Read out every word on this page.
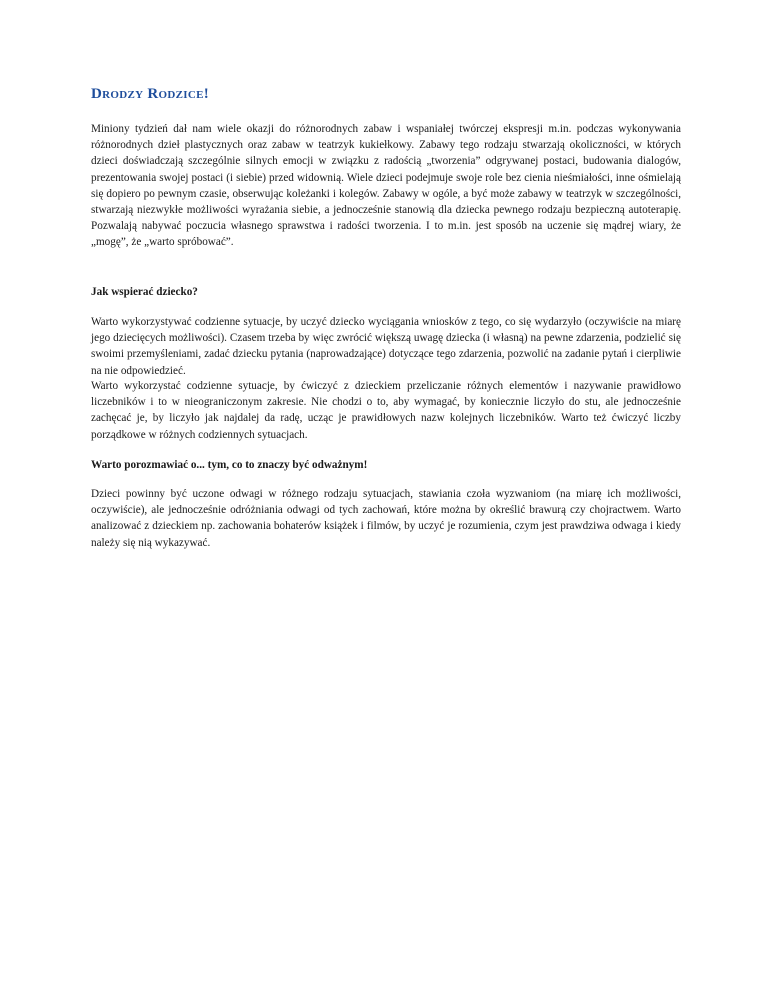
Drodzy Rodzice!

Miniony tydzień dał nam wiele okazji do różnorodnych zabaw i wspaniałej twórczej ekspresji m.in. podczas wykonywania różnorodnych dzieł plastycznych oraz zabaw w teatrzyk kukiełkowy. Zabawy tego rodzaju stwarzają okoliczności, w których dzieci doświadczają szczególnie silnych emocji w związku z radością „tworzenia” odgrywanej postaci, budowania dialogów, prezentowania swojej postaci (i siebie) przed widownią. Wiele dzieci podejmuje swoje role bez cienia nieśmiałości, inne ośmielają się dopiero po pewnym czasie, obserwując koleżanki i kolegów. Zabawy w ogóle, a być może zabawy w teatrzyk w szczególności, stwarzają niezwykłe możliwości wyrażania siebie, a jednocześnie stanowią dla dziecka pewnego rodzaju bezpieczną autoterapię. Pozwalają nabywać poczucia własnego sprawstwa i radości tworzenia. I to m.in. jest sposób na uczenie się mądrej wiary, że „mogę”, że „warto spróbować”.

Jak wspierać dziecko?

Warto wykorzystywać codzienne sytuacje, by uczyć dziecko wyciągania wniosków z tego, co się wydarzyło (oczywiście na miarę jego dziecięcych możliwości). Czasem trzeba by więc zwrócić większą uwagę dziecka (i własną) na pewne zdarzenia, podzielić się swoimi przemyśleniami, zadać dziecku pytania (naprowadzające) dotyczące tego zdarzenia, pozwolić na zadanie pytań i cierpliwie na nie odpowiedzieć.

Warto wykorzystać codzienne sytuacje, by ćwiczyć z dzieckiem przeliczanie różnych elementów i nazywanie prawidłowo liczebników i to w nieograniczonym zakresie. Nie chodzi o to, aby wymagać, by koniecznie liczyło do stu, ale jednocześnie zachęcać je, by liczyło jak najdalej da radę, ucząc je prawidłowych nazw kolejnych liczebników. Warto też ćwiczyć liczby porządkowe w różnych codziennych sytuacjach.

Warto porozmawiać o... tym, co to znaczy być odważnym!

Dzieci powinny być uczone odwagi w różnego rodzaju sytuacjach, stawiania czoła wyzwaniom (na miarę ich możliwości, oczywiście), ale jednocześnie odróżniania odwagi od tych zachowań, które można by określić brawurą czy chojractwem. Warto analizować z dzieckiem np. zachowania bohaterów książek i filmów, by uczyć je rozumienia, czym jest prawdziwa odwaga i kiedy należy się nią wykazywać.
